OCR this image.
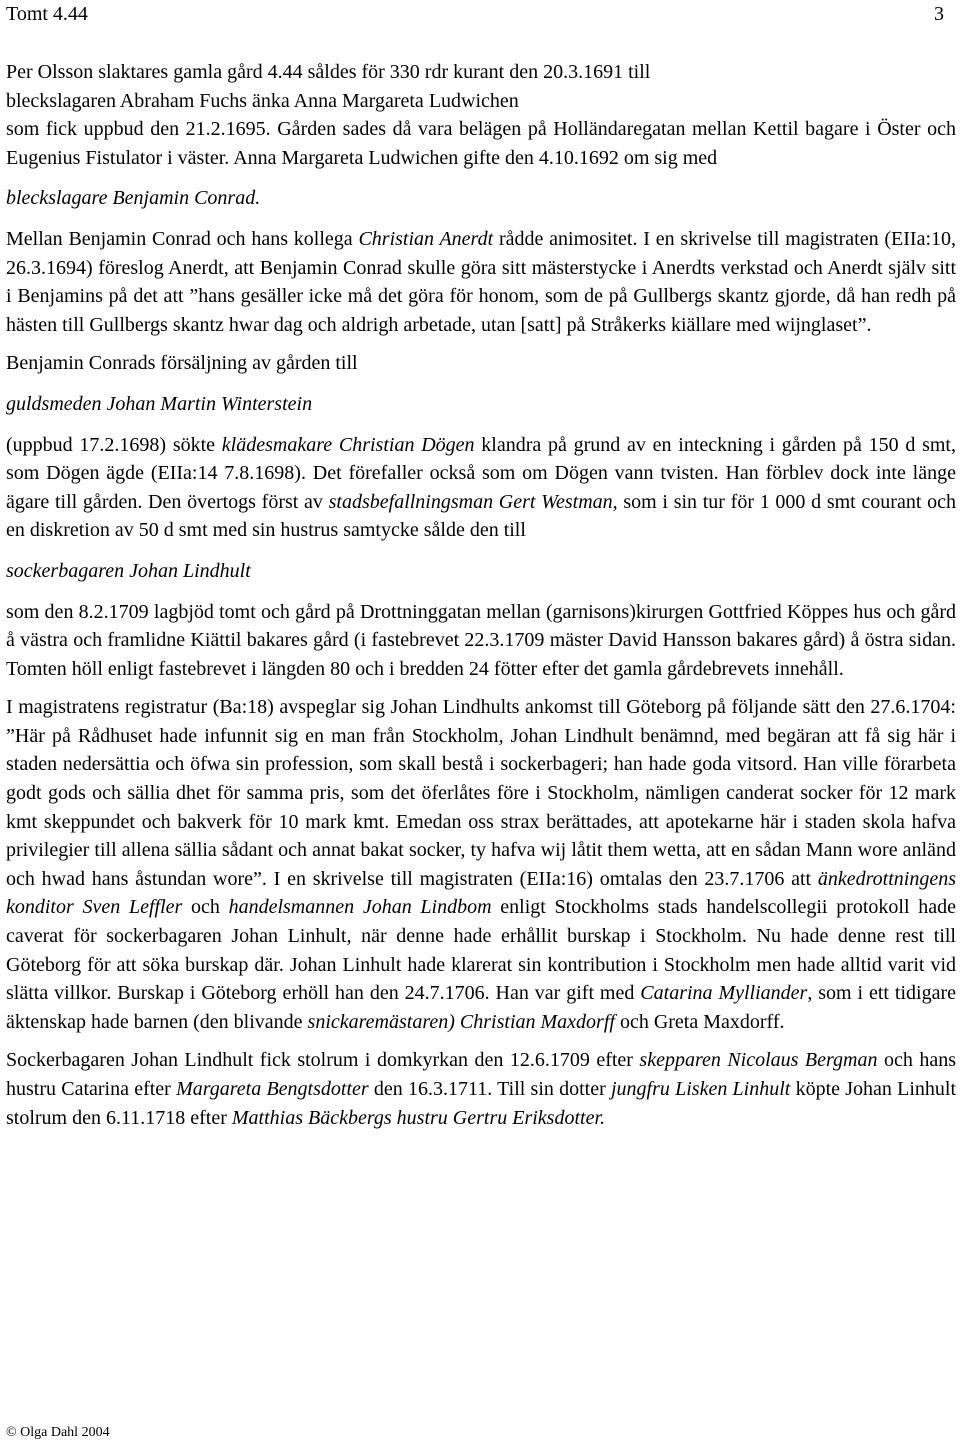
Tomt 4.44	3

Per Olsson slaktares gamla gård 4.44 såldes för 330 rdr kurant den 20.3.1691 till

bleckslagaren Abraham Fuchs änka Anna Margareta Ludwichen

som fick uppbud den 21.2.1695. Gården sades då vara belägen på Holländaregatan mellan Kettil bagare i Öster och Eugenius Fistulator i väster. Anna Margareta Ludwichen gifte den 4.10.1692 om sig med

bleckslagare Benjamin Conrad.

Mellan Benjamin Conrad och hans kollega Christian Anerdt rådde animositet. I en skrivelse till magistraten (EIIa:10, 26.3.1694) föreslog Anerdt, att Benjamin Conrad skulle göra sitt mästerstycke i Anerdts verkstad och Anerdt själv sitt i Benjamins på det att ”hans gesäller icke må det göra för honom, som de på Gullbergs skantz gjorde, då han redh på hästen till Gullbergs skantz hwar dag och aldrigh arbetade, utan [satt] på Stråkerks kiällare med wijnglaset”.

Benjamin Conrads försäljning av gården till

guldsmeden Johan Martin Winterstein

(uppbud 17.2.1698) sökte klädesmakare Christian Dögen klandra på grund av en inteckning i gården på 150 d smt, som Dögen ägde (EIIa:14 7.8.1698). Det förefaller också som om Dögen vann tvisten. Han förblev dock inte länge ägare till gården. Den övertogs först av stadsbefallningsman Gert Westman, som i sin tur för 1 000 d smt courant och en diskretion av 50 d smt med sin hustrus samtycke sålde den till

sockerbagaren Johan Lindhult

som den 8.2.1709 lagbjöd tomt och gård på Drottninggatan mellan (garnisons)kirurgen Gottfried Köppes hus och gård å västra och framlidne Kiättil bakares gård (i fastebrevet 22.3.1709 mäster David Hansson bakares gård) å östra sidan. Tomten höll enligt fastebrevet i längden 80 och i bredden 24 fötter efter det gamla gårdebrevets innehåll.

I magistratens registratur (Ba:18) avspeglar sig Johan Lindhults ankomst till Göteborg på följande sätt den 27.6.1704: ”Här på Rådhuset hade infunnit sig en man från Stockholm, Johan Lindhult benämnd, med begäran att få sig här i staden nedersättia och öfwa sin profession, som skall bestå i sockerbageri; han hade goda vitsord. Han ville förarbeta godt gods och sällia dhet för samma pris, som det öferlåtes före i Stockholm, nämligen canderat socker för 12 mark kmt skeppundet och bakverk för 10 mark kmt. Emedan oss strax berättades, att apotekarne här i staden skola hafva privilegier till allena sällia sådant och annat bakat socker, ty hafva wij låtit them wetta, att en sådan Mann wore anländ och hwad hans åstundan wore”. I en skrivelse till magistraten (EIIa:16) omtalas den 23.7.1706 att änkedrottningens konditor Sven Leffler och handelsmannen Johan Lindbom enligt Stockholms stads handelscollegii protokoll hade caverat för sockerbagaren Johan Linhult, när denne hade erhållit burskap i Stockholm. Nu hade denne rest till Göteborg för att söka burskap där. Johan Linhult hade klarerat sin kontribution i Stockholm men hade alltid varit vid slätta villkor. Burskap i Göteborg erhöll han den 24.7.1706. Han var gift med Catarina Mylliander, som i ett tidigare äktenskap hade barnen (den blivande snickaremästaren) Christian Maxdorff och Greta Maxdorff.

Sockerbagaren Johan Lindhult fick stolrum i domkyrkan den 12.6.1709 efter skepparen Nicolaus Bergman och hans hustru Catarina efter Margareta Bengtsdotter den 16.3.1711. Till sin dotter jungfru Lisken Linhult köpte Johan Linhult stolrum den 6.11.1718 efter Matthias Bäckbergs hustru Gertru Eriksdotter.

© Olga Dahl 2004
